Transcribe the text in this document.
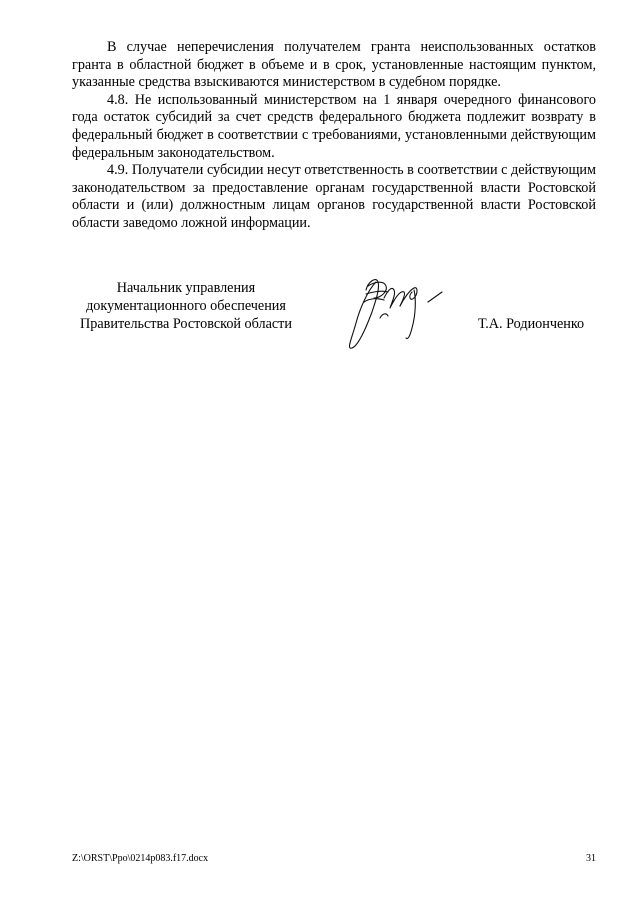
В случае неперечисления получателем гранта неиспользованных остатков гранта в областной бюджет в объеме и в срок, установленные настоящим пунктом, указанные средства взыскиваются министерством в судебном порядке.

4.8. Не использованный министерством на 1 января очередного финансового года остаток субсидий за счет средств федерального бюджета подлежит возврату в федеральный бюджет в соответствии с требованиями, установленными действующим федеральным законодательством.

4.9. Получатели субсидии несут ответственность в соответствии с действующим законодательством за предоставление органам государственной власти Ростовской области и (или) должностным лицам органов государственной власти Ростовской области заведомо ложной информации.

Начальник управления
документационного обеспечения
Правительства Ростовской области	Т.А. Родионченко
Z:\ORST\Ppo\0214p083.f17.docx	31
